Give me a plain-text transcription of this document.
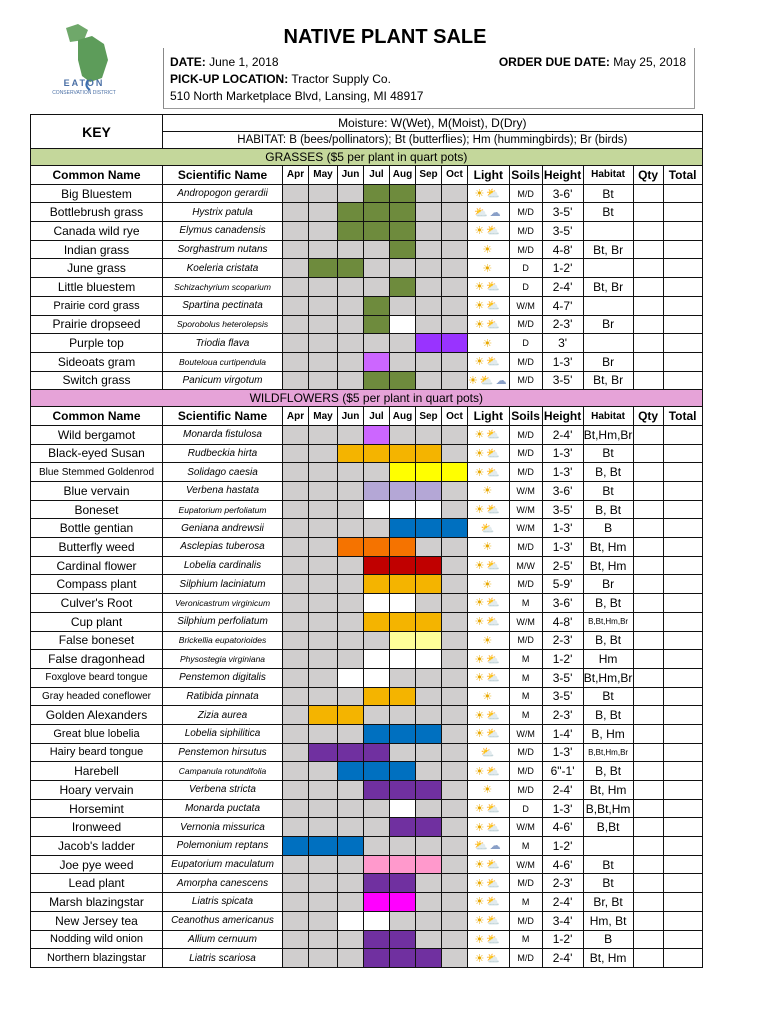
EATON
CONSERVATION DISTRICT
NATIVE PLANT SALE
DATE: June 1, 2018	ORDER DUE DATE: May 25, 2018
PICK-UP LOCATION: Tractor Supply Co.
510 North Marketplace Blvd, Lansing, MI 48917
KEY	Moisture: W(Wet), M(Moist), D(Dry)													
	HABITAT: B (bees/pollinators); Bt (butterflies); Hm (hummingbirds); Br (birds)													
GRASSES ($5 per plant in quart pots)														
Common Name	Scientific Name	Apr	May	Jun	Jul	Aug	Sep	Oct	Light	Soils	Height	Habitat	Qty	Total
Big Bluestem	Andropogon gerardii								☀⛅	M/D	3-6'	Bt		
Bottlebrush grass	Hystrix patula								⛅☁	M/D	3-5'	Bt		
Canada wild rye	Elymus canadensis								☀⛅	M/D	3-5'			
Indian grass	Sorghastrum nutans								☀	M/D	4-8'	Bt, Br		
June grass	Koeleria cristata								☀	D	1-2'			
Little bluestem	Schizachyrium scoparium								☀⛅	D	2-4'	Bt, Br		
Prairie cord grass	Spartina pectinata								☀⛅	W/M	4-7'			
Prairie dropseed	Sporobolus heterolepsis								☀⛅	M/D	2-3'	Br		
Purple top	Triodia flava								☀	D	3'			
Sideoats gram	Bouteloua curtipendula								☀⛅	M/D	1-3'	Br		
Switch grass	Panicum virgotum								☀⛅☁	M/D	3-5'	Bt, Br		
WILDFLOWERS ($5 per plant in quart pots)														
Common Name	Scientific Name	Apr	May	Jun	Jul	Aug	Sep	Oct	Light	Soils	Height	Habitat	Qty	Total
Wild bergamot	Monarda fistulosa								☀⛅	M/D	2-4'	Bt,Hm,Br		
Black-eyed Susan	Rudbeckia hirta								☀⛅	M/D	1-3'	Bt		
Blue Stemmed Goldenrod	Solidago caesia								☀⛅	M/D	1-3'	B, Bt		
Blue vervain	Verbena hastata								☀	W/M	3-6'	Bt		
Boneset	Eupatorium perfoliatum								☀⛅	W/M	3-5'	B, Bt		
Bottle gentian	Geniana andrewsii								⛅	W/M	1-3'	B		
Butterfly weed	Asclepias tuberosa								☀	M/D	1-3'	Bt, Hm		
Cardinal flower	Lobelia cardinalis								☀⛅	M/W	2-5'	Bt, Hm		
Compass plant	Silphium laciniatum								☀	M/D	5-9'	Br		
Culver's Root	Veronicastrum virginicum								☀⛅	M	3-6'	B, Bt		
Cup plant	Silphium perfoliatum								☀⛅	W/M	4-8'	B,Bt,Hm,Br		
False boneset	Brickellia eupatorioides								☀	M/D	2-3'	B, Bt		
False dragonhead	Physostegia virginiana								☀⛅	M	1-2'	Hm		
Foxglove beard tongue	Penstemon digitalis								☀⛅	M	3-5'	Bt,Hm,Br		
Gray headed coneflower	Ratibida pinnata								☀	M	3-5'	Bt		
Golden Alexanders	Zizia aurea								☀⛅	M	2-3'	B, Bt		
Great blue lobelia	Lobelia siphilitica								☀⛅	W/M	1-4'	B, Hm		
Hairy beard tongue	Penstemon hirsutus								⛅	M/D	1-3'	B,Bt,Hm,Br		
Harebell	Campanula rotundifolia								☀⛅	M/D	6"-1'	B, Bt		
Hoary vervain	Verbena stricta								☀	M/D	2-4'	Bt, Hm		
Horsemint	Monarda puctata								☀⛅	D	1-3'	B,Bt,Hm		
Ironweed	Vernonia missurica								☀⛅	W/M	4-6'	B,Bt		
Jacob's ladder	Polemonium reptans								⛅☁	M	1-2'			
Joe pye weed	Eupatorium maculatum								☀⛅	W/M	4-6'	Bt		
Lead plant	Amorpha canescens								☀⛅	M/D	2-3'	Bt		
Marsh blazingstar	Liatris spicata								☀⛅	M	2-4'	Br, Bt		
New Jersey tea	Ceanothus americanus								☀⛅	M/D	3-4'	Hm, Bt		
Nodding wild onion	Allium cernuum								☀⛅	M	1-2'	B		
Northern blazingstar	Liatris scariosa								☀⛅	M/D	2-4'	Bt, Hm		
